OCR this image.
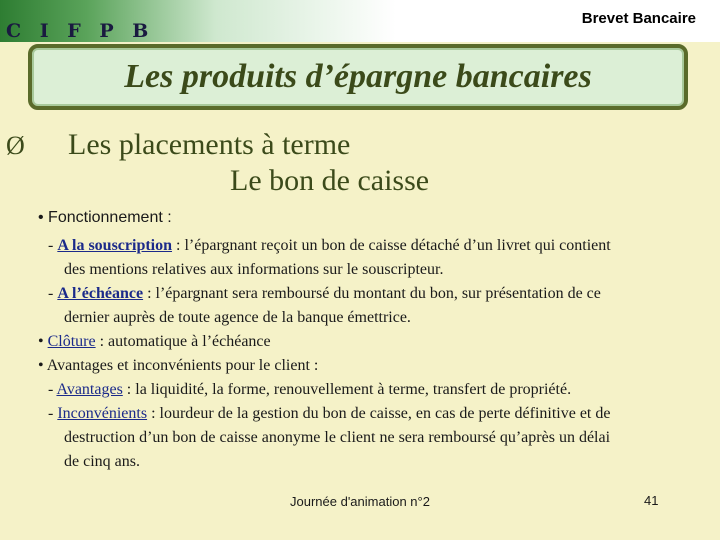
C I F P B
Brevet Bancaire
Les produits d’épargne bancaires
Ø Les placements à terme
Le bon de caisse

• Fonctionnement :

- A la souscription : l’épargnant reçoit un bon de caisse détaché d’un livret qui contient
des mentions relatives aux informations sur le souscripteur.

- A l’échéance : l’épargnant sera remboursé du montant du bon, sur présentation de ce
dernier auprès de toute agence de la banque émettrice.

• Clôture : automatique à l’échéance

• Avantages et inconvénients pour le client :

- Avantages : la liquidité, la forme, renouvellement à terme, transfert de propriété.

- Inconvénients : lourdeur de la gestion du bon de caisse, en cas de perte définitive et de
destruction d’un bon de caisse anonyme le client ne sera remboursé qu’après un délai
de cinq ans.

Journée d'animation n°2	41
